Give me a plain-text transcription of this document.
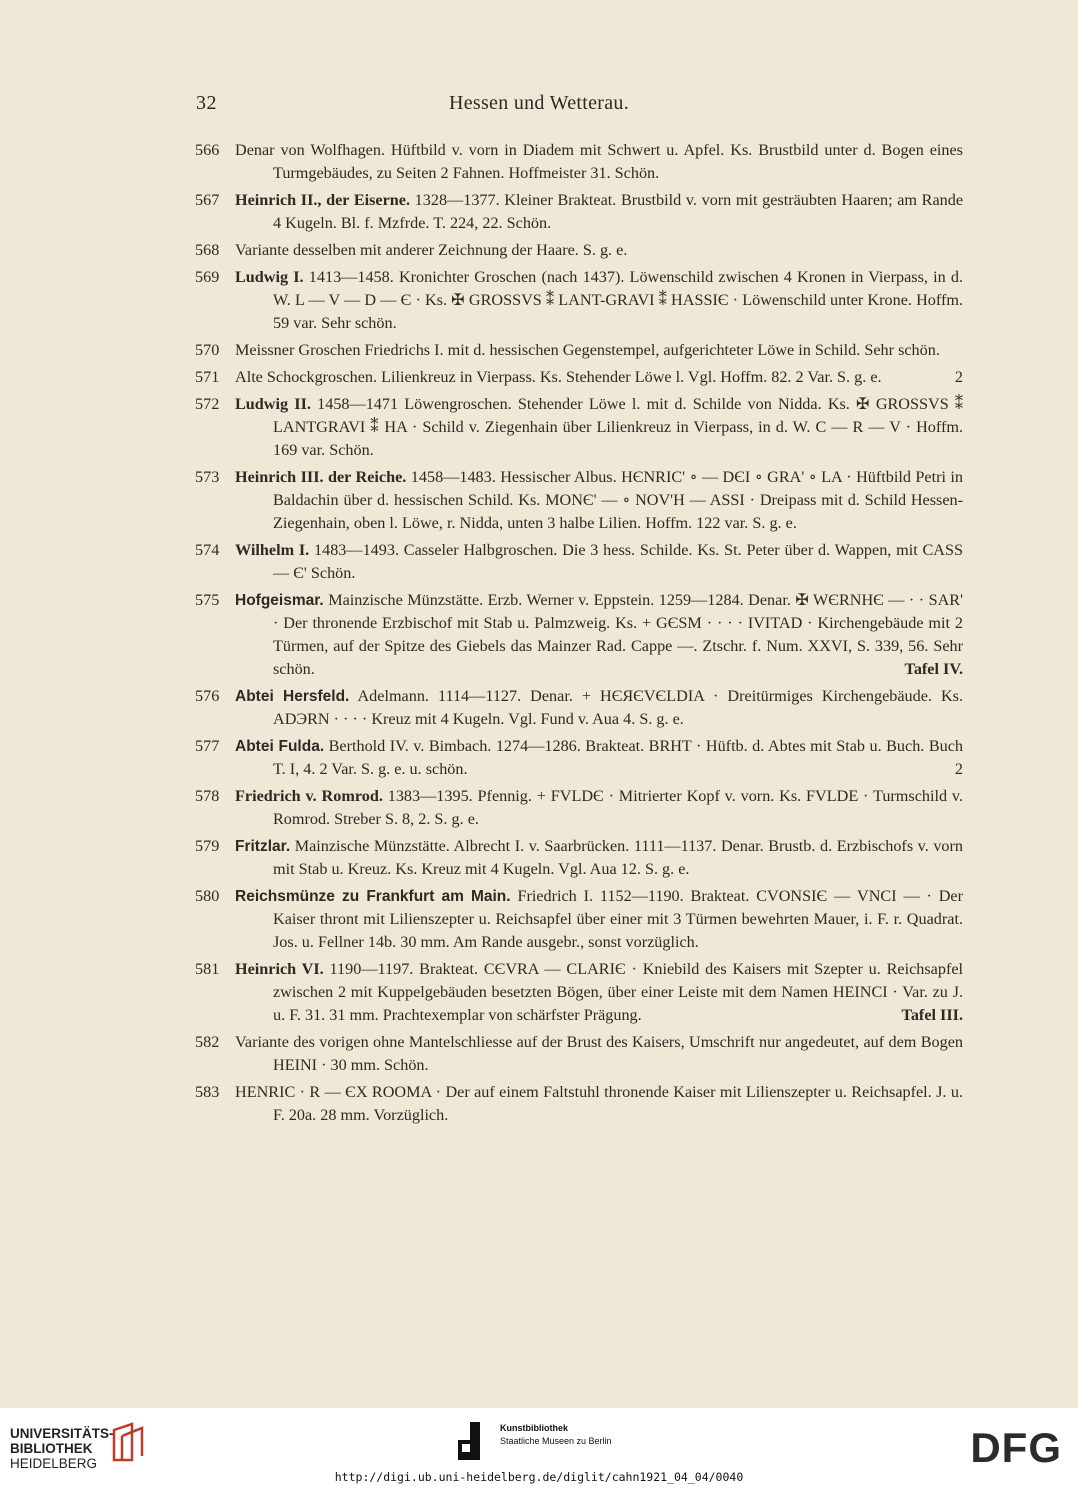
32	Hessen und Wetterau.
566 Denar von Wolfhagen. Hüftbild v. vorn in Diadem mit Schwert u. Apfel. Ks. Brustbild unter d. Bogen eines Turmgebäudes, zu Seiten 2 Fahnen. Hoffmeister 31. Schön.
567 Heinrich II., der Eiserne. 1328—1377. Kleiner Brakteat. Brustbild v. vorn mit gesträubten Haaren; am Rande 4 Kugeln. Bl. f. Mzfrde. T. 224, 22. Schön.
568 Variante desselben mit anderer Zeichnung der Haare. S. g. e.
569 Ludwig I. 1413—1458. Kronichter Groschen (nach 1437). Löwenschild zwischen 4 Kronen in Vierpass, in d. W. L — V — D — Є · Ks. ✠ GROSSVS ⁑ LANT-GRAVI ⁑ HASSIЄ · Löwenschild unter Krone. Hoffm. 59 var. Sehr schön.
570 Meissner Groschen Friedrichs I. mit d. hessischen Gegenstempel, aufgerichteter Löwe in Schild. Sehr schön.
571 Alte Schockgroschen. Lilienkreuz in Vierpass. Ks. Stehender Löwe l. Vgl. Hoffm. 82. 2 Var. S. g. e.	2
572 Ludwig II. 1458—1471 Löwengroschen. Stehender Löwe l. mit d. Schilde von Nidda. Ks. ✠ GROSSVS ⁑ LANTGRAVI ⁑ HA · Schild v. Ziegenhain über Lilienkreuz in Vierpass, in d. W. C — R — V · Hoffm. 169 var. Schön.
573 Heinrich III. der Reiche. 1458—1483. Hessischer Albus. HЄNRIC' ∘ — DЄI ∘ GRA' ∘ LA · Hüftbild Petri in Baldachin über d. hessischen Schild. Ks. MONЄ' — ∘ NOV'H — ASSI · Dreipass mit d. Schild Hessen-Ziegenhain, oben l. Löwe, r. Nidda, unten 3 halbe Lilien. Hoffm. 122 var. S. g. e.
574 Wilhelm I. 1483—1493. Casseler Halbgroschen. Die 3 hess. Schilde. Ks. St. Peter über d. Wappen, mit CASS — Є' Schön.
575	Hofgeismar. Mainzische Münzstätte. Erzb. Werner v. Eppstein. 1259—1284. Denar. ✠ WЄRNHЄ — · · SAR' · Der thronende Erzbischof mit Stab u. Palmzweig. Ks. + GЄSM · · · · IVITAD · Kirchengebäude mit 2 Türmen, auf der Spitze des Giebels das Mainzer Rad. Cappe —. Ztschr. f. Num. XXVI, S. 339, 56. Sehr schön.	Tafel IV.
576	Abtei Hersfeld. Adelmann. 1114—1127. Denar. + HЄЯЄVЄLDIA · Dreitürmiges Kirchengebäude. Ks. ADЭRN · · · · Kreuz mit 4 Kugeln. Vgl. Fund v. Aua 4. S. g. e.
577	Abtei Fulda. Berthold IV. v. Bimbach. 1274—1286. Brakteat. BRHT · Hüftb. d. Abtes mit Stab u. Buch. Buch T. I, 4. 2 Var. S. g. e. u. schön.	2
578 Friedrich v. Romrod. 1383—1395. Pfennig. + FVLDЄ · Mitrierter Kopf v. vorn. Ks. FVLDE · Turmschild v. Romrod. Streber S. 8, 2. S. g. e.
579	Fritzlar. Mainzische Münzstätte. Albrecht I. v. Saarbrücken. 1111—1137. Denar. Brustb. d. Erzbischofs v. vorn mit Stab u. Kreuz. Ks. Kreuz mit 4 Kugeln. Vgl. Aua 12. S. g. e.
580	Reichsmünze zu Frankfurt am Main. Friedrich I. 1152—1190. Brakteat. CVONSIЄ — VNCI — · Der Kaiser thront mit Lilienszepter u. Reichsapfel über einer mit 3 Türmen bewehrten Mauer, i. F. r. Quadrat. Jos. u. Fellner 14b. 30 mm. Am Rande ausgebr., sonst vorzüglich.
581 Heinrich VI. 1190—1197. Brakteat. CЄVRA — CLARIЄ · Kniebild des Kaisers mit Szepter u. Reichsapfel zwischen 2 mit Kuppelgebäuden besetzten Bögen, über einer Leiste mit dem Namen HEINCI · Var. zu J. u. F. 31. 31 mm. Prachtexemplar von schärfster Prägung.	Tafel III.
582 Variante des vorigen ohne Mantelschliesse auf der Brust des Kaisers, Umschrift nur angedeutet, auf dem Bogen HEINI · 30 mm. Schön.
583 HENRIC · R — ЄX ROOMA · Der auf einem Faltstuhl thronende Kaiser mit Lilienszepter u. Reichsapfel. J. u. F. 20a. 28 mm. Vorzüglich.
UNIVERSITÄTS-
BIBLIOTHEK
HEIDELBERG
Kunstbibliothek
Staatliche Museen zu Berlin	DFG
http://digi.ub.uni-heidelberg.de/diglit/cahn1921_04_04/0040
